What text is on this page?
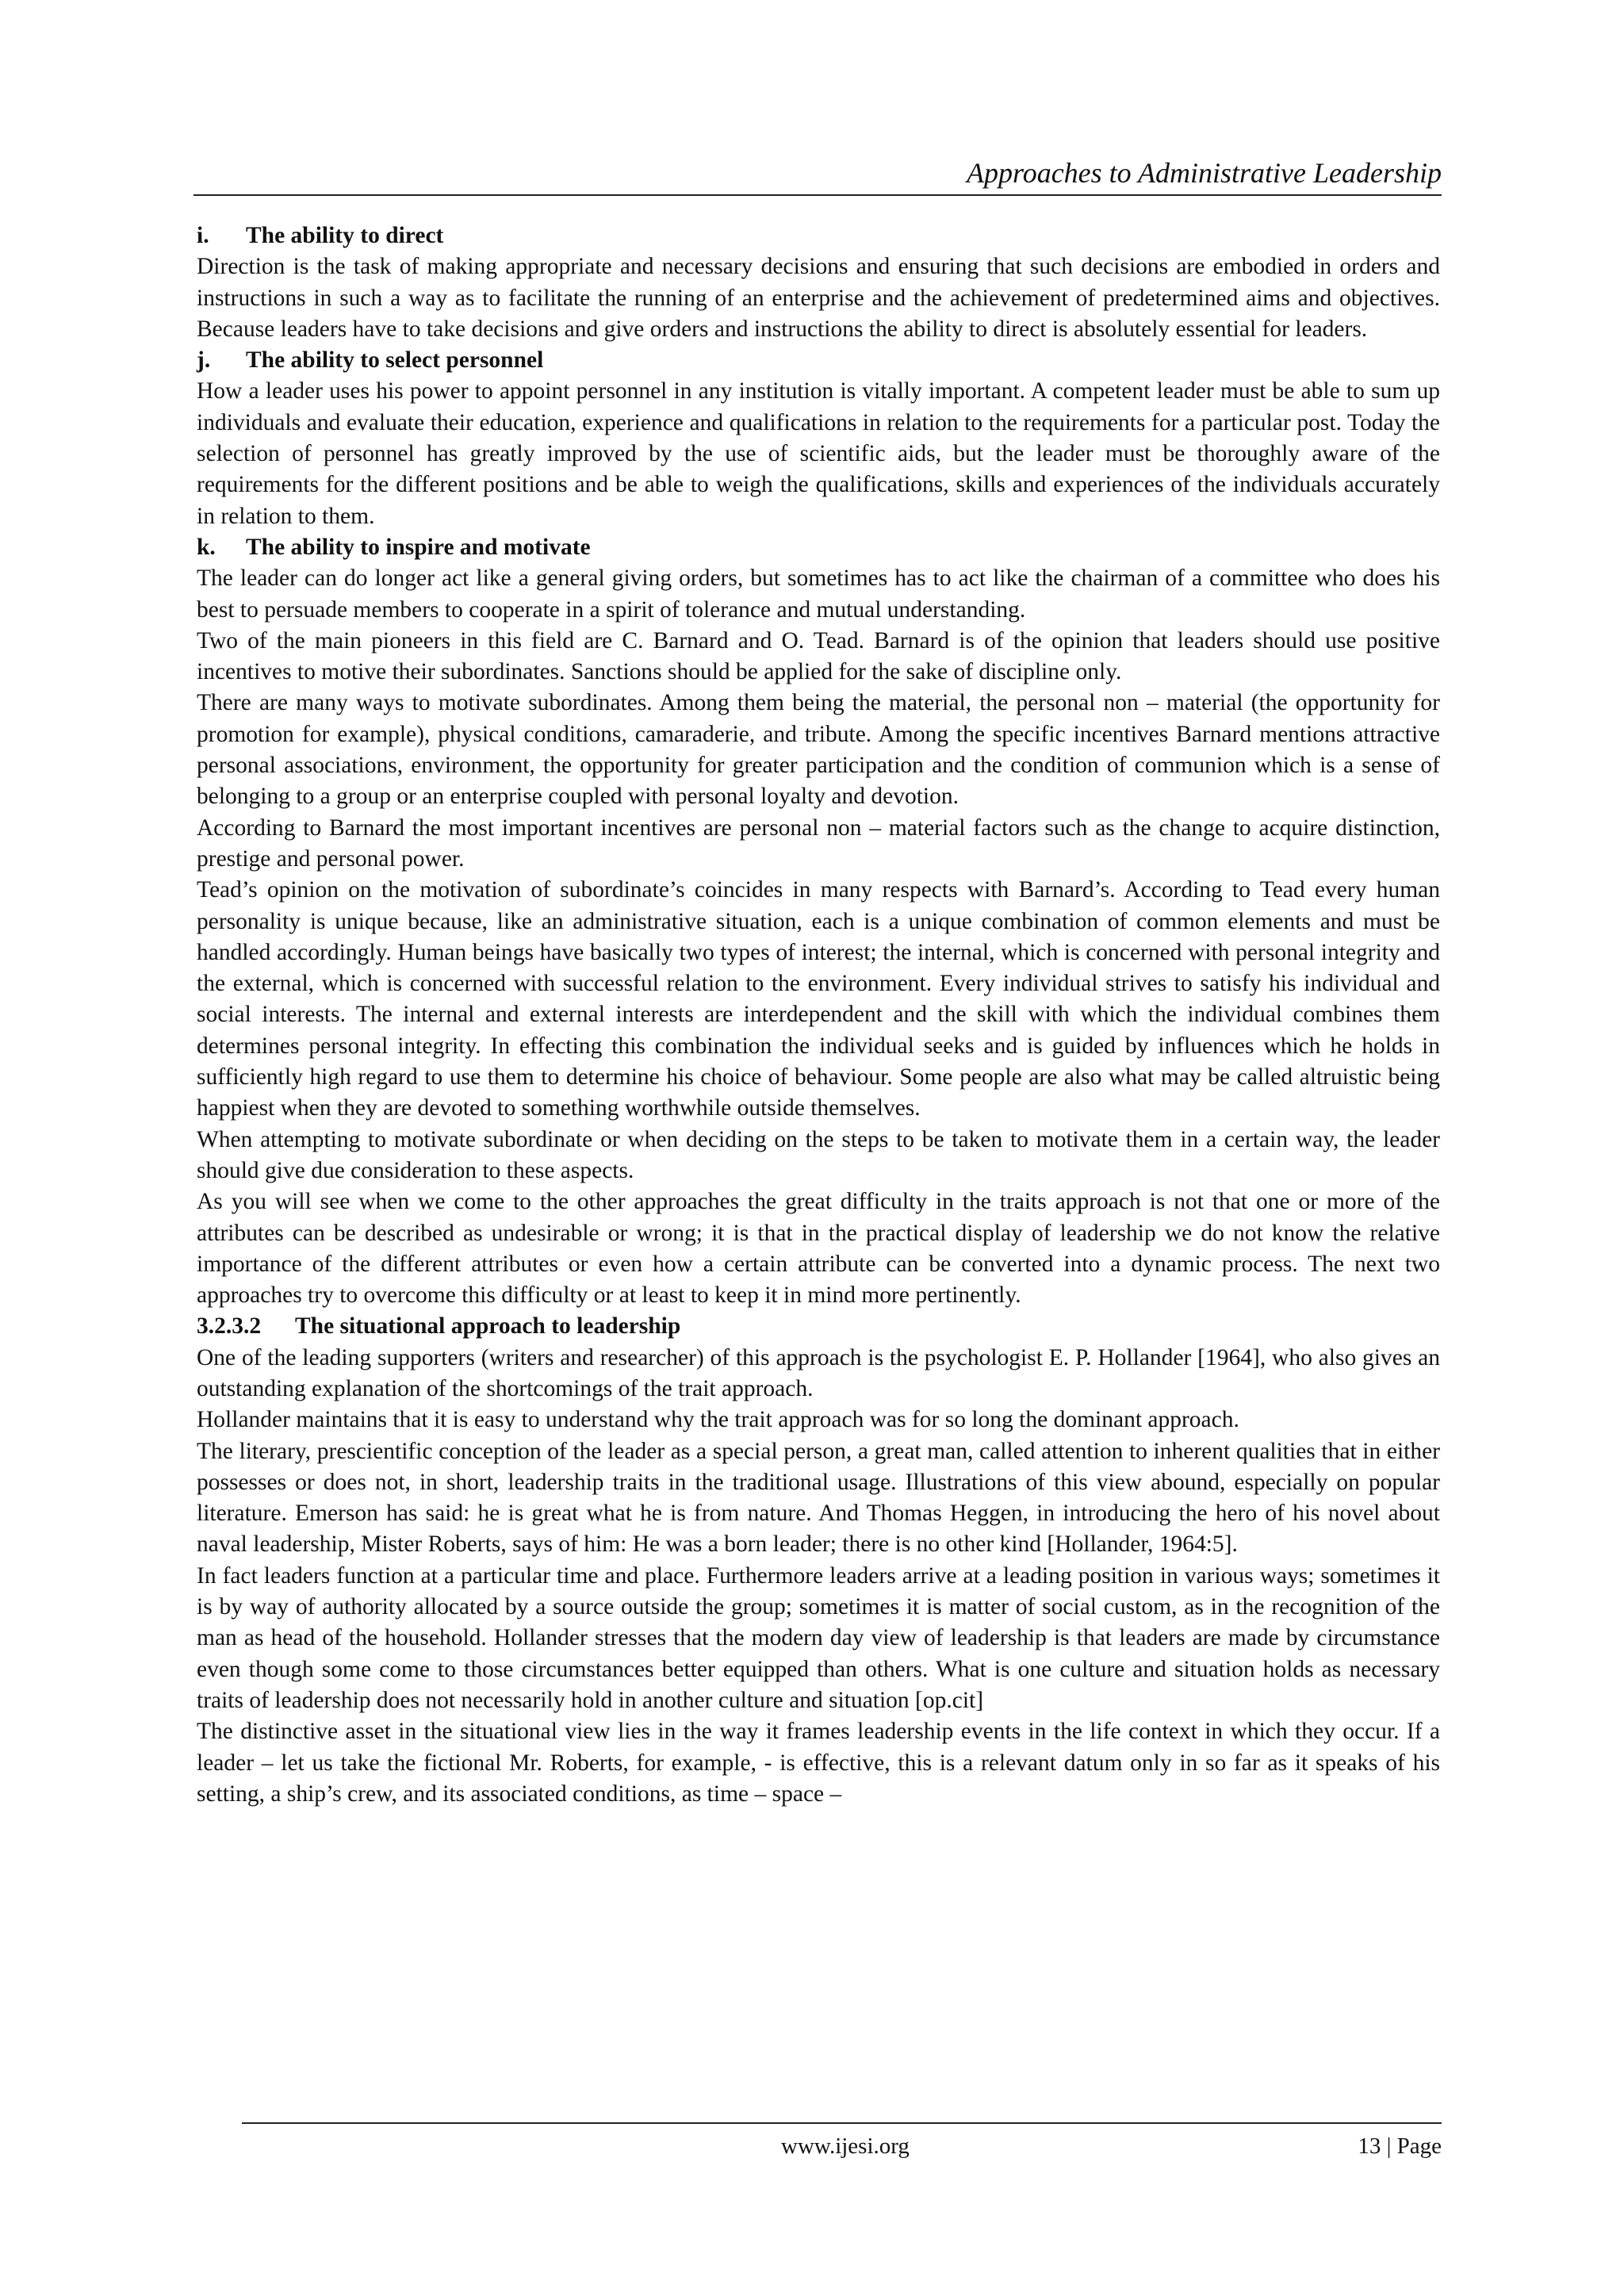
Approaches to Administrative Leadership

i. The ability to direct

Direction is the task of making appropriate and necessary decisions and ensuring that such decisions are embodied in orders and instructions in such a way as to facilitate the running of an enterprise and the achievement of predetermined aims and objectives. Because leaders have to take decisions and give orders and instructions the ability to direct is absolutely essential for leaders.

j. The ability to select personnel

How a leader uses his power to appoint personnel in any institution is vitally important. A competent leader must be able to sum up individuals and evaluate their education, experience and qualifications in relation to the requirements for a particular post. Today the selection of personnel has greatly improved by the use of scientific aids, but the leader must be thoroughly aware of the requirements for the different positions and be able to weigh the qualifications, skills and experiences of the individuals accurately in relation to them.

k. The ability to inspire and motivate

The leader can do longer act like a general giving orders, but sometimes has to act like the chairman of a committee who does his best to persuade members to cooperate in a spirit of tolerance and mutual understanding.

Two of the main pioneers in this field are C. Barnard and O. Tead. Barnard is of the opinion that leaders should use positive incentives to motive their subordinates. Sanctions should be applied for the sake of discipline only.

There are many ways to motivate subordinates. Among them being the material, the personal non – material (the opportunity for promotion for example), physical conditions, camaraderie, and tribute. Among the specific incentives Barnard mentions attractive personal associations, environment, the opportunity for greater participation and the condition of communion which is a sense of belonging to a group or an enterprise coupled with personal loyalty and devotion.

According to Barnard the most important incentives are personal non – material factors such as the change to acquire distinction, prestige and personal power.

Tead’s opinion on the motivation of subordinate’s coincides in many respects with Barnard’s. According to Tead every human personality is unique because, like an administrative situation, each is a unique combination of common elements and must be handled accordingly. Human beings have basically two types of interest; the internal, which is concerned with personal integrity and the external, which is concerned with successful relation to the environment. Every individual strives to satisfy his individual and social interests. The internal and external interests are interdependent and the skill with which the individual combines them determines personal integrity. In effecting this combination the individual seeks and is guided by influences which he holds in sufficiently high regard to use them to determine his choice of behaviour. Some people are also what may be called altruistic being happiest when they are devoted to something worthwhile outside themselves.

When attempting to motivate subordinate or when deciding on the steps to be taken to motivate them in a certain way, the leader should give due consideration to these aspects.

As you will see when we come to the other approaches the great difficulty in the traits approach is not that one or more of the attributes can be described as undesirable or wrong; it is that in the practical display of leadership we do not know the relative importance of the different attributes or even how a certain attribute can be converted into a dynamic process. The next two approaches try to overcome this difficulty or at least to keep it in mind more pertinently.

3.2.3.2 The situational approach to leadership

One of the leading supporters (writers and researcher) of this approach is the psychologist E. P. Hollander [1964], who also gives an outstanding explanation of the shortcomings of the trait approach.

Hollander maintains that it is easy to understand why the trait approach was for so long the dominant approach.

The literary, prescientific conception of the leader as a special person, a great man, called attention to inherent qualities that in either possesses or does not, in short, leadership traits in the traditional usage. Illustrations of this view abound, especially on popular literature. Emerson has said: he is great what he is from nature. And Thomas Heggen, in introducing the hero of his novel about naval leadership, Mister Roberts, says of him: He was a born leader; there is no other kind [Hollander, 1964:5].

In fact leaders function at a particular time and place. Furthermore leaders arrive at a leading position in various ways; sometimes it is by way of authority allocated by a source outside the group; sometimes it is matter of social custom, as in the recognition of the man as head of the household. Hollander stresses that the modern day view of leadership is that leaders are made by circumstance even though some come to those circumstances better equipped than others. What is one culture and situation holds as necessary traits of leadership does not necessarily hold in another culture and situation [op.cit]

The distinctive asset in the situational view lies in the way it frames leadership events in the life context in which they occur. If a leader – let us take the fictional Mr. Roberts, for example, - is effective, this is a relevant datum only in so far as it speaks of his setting, a ship’s crew, and its associated conditions, as time – space –

www.ijesi.org	13 | Page
